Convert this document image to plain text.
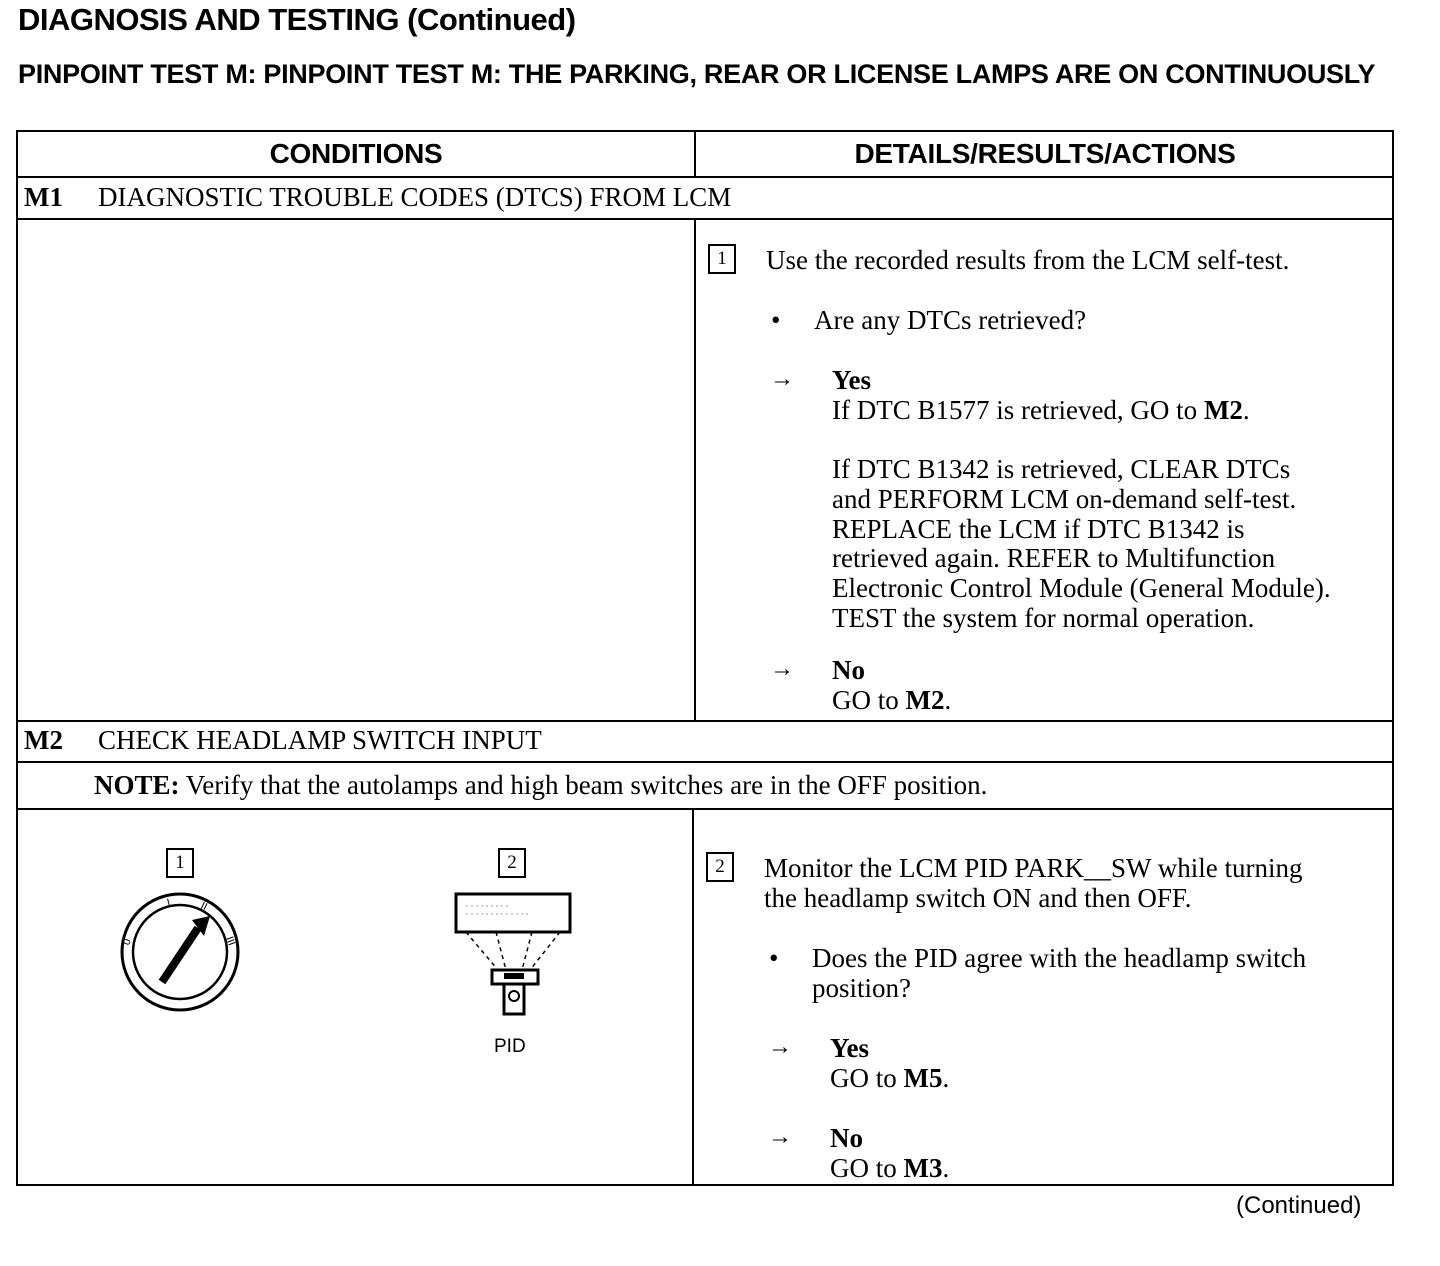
DIAGNOSIS AND TESTING (Continued)
PINPOINT TEST M: PINPOINT TEST M: THE PARKING, REAR OR LICENSE LAMPS ARE ON CONTINUOUSLY
CONDITIONS	DETAILS/RESULTS/ACTIONS
M1 DIAGNOSTIC TROUBLE CODES (DTCS) FROM LCM
1	Use the recorded results from the LCM self-test.
• Are any DTCs retrieved?
→ Yes
If DTC B1577 is retrieved, GO to M2.
If DTC B1342 is retrieved, CLEAR DTCs
and PERFORM LCM on-demand self-test.
REPLACE the LCM if DTC B1342 is
retrieved again. REFER to Multifunction
Electronic Control Module (General Module).
TEST the system for normal operation.
→ No
GO to M2.
M2 CHECK HEADLAMP SWITCH INPUT
NOTE: Verify that the autolamps and high beam switches are in the OFF position.
1
0
I	II
III
2
PID
2	Monitor the LCM PID PARK__SW while turning
the headlamp switch ON and then OFF.
• Does the PID agree with the headlamp switch
position?
→ Yes
GO to M5.
→ No
GO to M3.
(Continued)
